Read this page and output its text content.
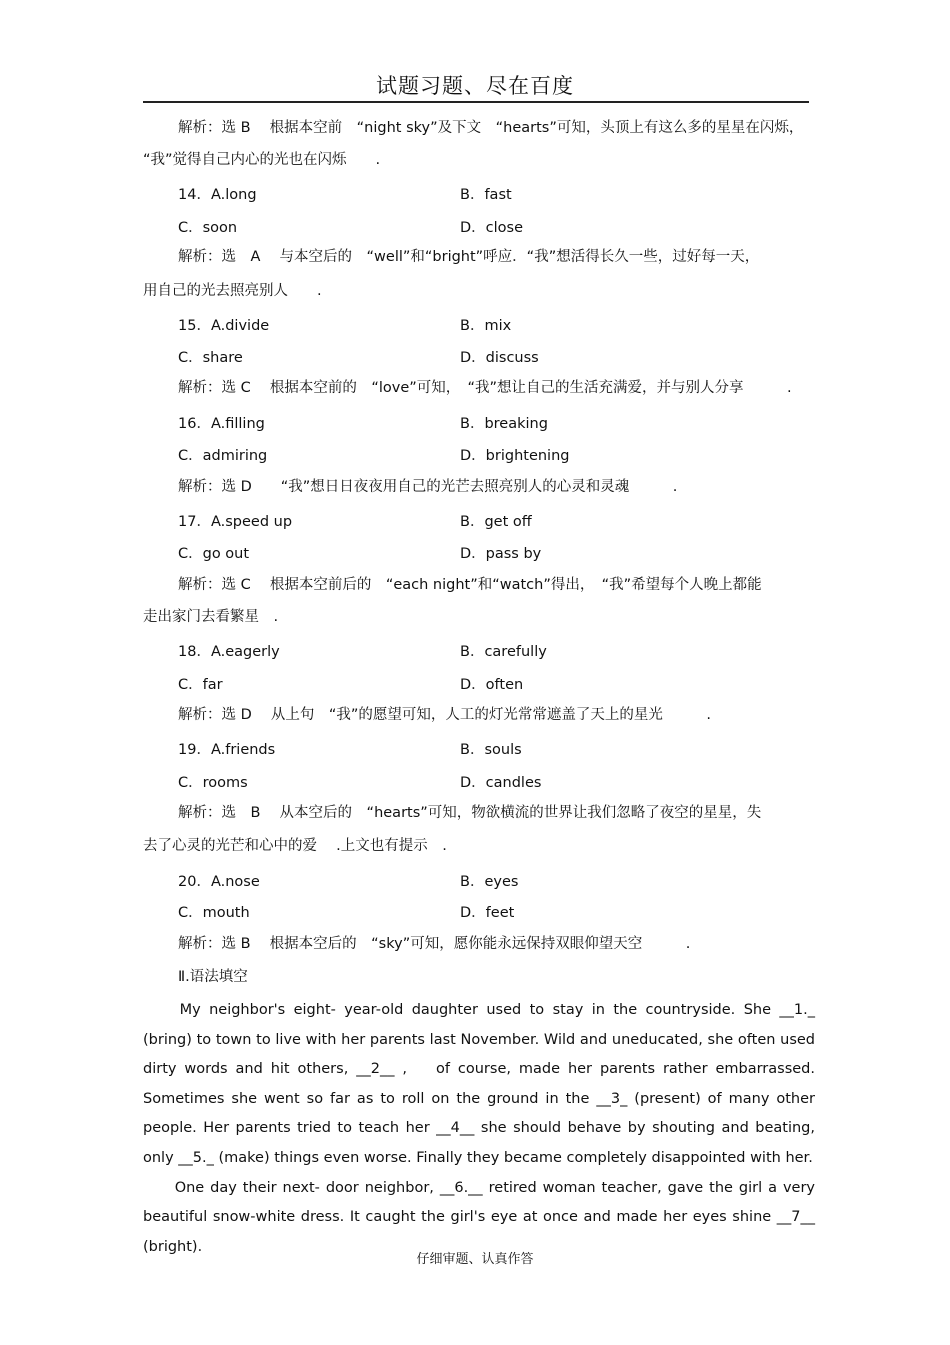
试题习题、尽在百度
解析：选 B　 根据本空前　“night sky”及下文　“hearts”可知，头顶上有这么多的星星在闪烁，
“我”觉得自己内心的光也在闪烁　　.
14．A.long	B．fast
C．soon	D．close
解析：选　A　 与本空后的　“well”和“bright”呼应．“我”想活得长久一些，过好每一天，
用自己的光去照亮别人　　.
15．A.divide	B．mix
C．share	D．discuss
解析：选 C　 根据本空前的　“love”可知，　“我”想让自己的生活充满爱，并与别人分享　　　.
16．A.filling	B．breaking
C．admiring	D．brightening
解析：选 D　　“我”想日日夜夜用自己的光芒去照亮别人的心灵和灵魂　　　.
17．A.speed up	B．get off
C．go out	D．pass by
解析：选 C　 根据本空前后的　“each night”和“watch”得出，　“我”希望每个人晚上都能
走出家门去看繁星　.
18．A.eagerly	B．carefully
C．far	D．often
解析：选 D　 从上句　“我”的愿望可知，人工的灯光常常遮盖了天上的星光　　　.
19．A.friends	B．souls
C．rooms	D．candles
解析：选　B　 从本空后的　“hearts”可知，物欲横流的世界让我们忽略了夜空的星星，失
去了心灵的光芒和心中的爱　 .上文也有提示　.
20．A.nose	B．eyes
C．mouth	D．feet
解析：选 B　 根据本空后的　“sky”可知，愿你能永远保持双眼仰望天空　　　.
Ⅱ.语法填空

　　My neighbor's eight- year-old daughter used to stay in the countryside. She __1._ (bring) to town to live with her parents last November. Wild and uneducated, she often used dirty words and hit others, __2__ ,　 of course, made her parents rather embarrassed. Sometimes she went so far as to roll on the ground in the __3_ (present) of many other people. Her parents tried to teach her __4__ she should behave by shouting and beating, only __5._ (make) things even worse. Finally they became completely disappointed with her.

　　One day their next- door neighbor, __6.__ retired woman teacher, gave the girl a very beautiful snow-white dress. It caught the girl's eye at once and made her eyes shine __7__ (bright)．

仔细审题、认真作答
